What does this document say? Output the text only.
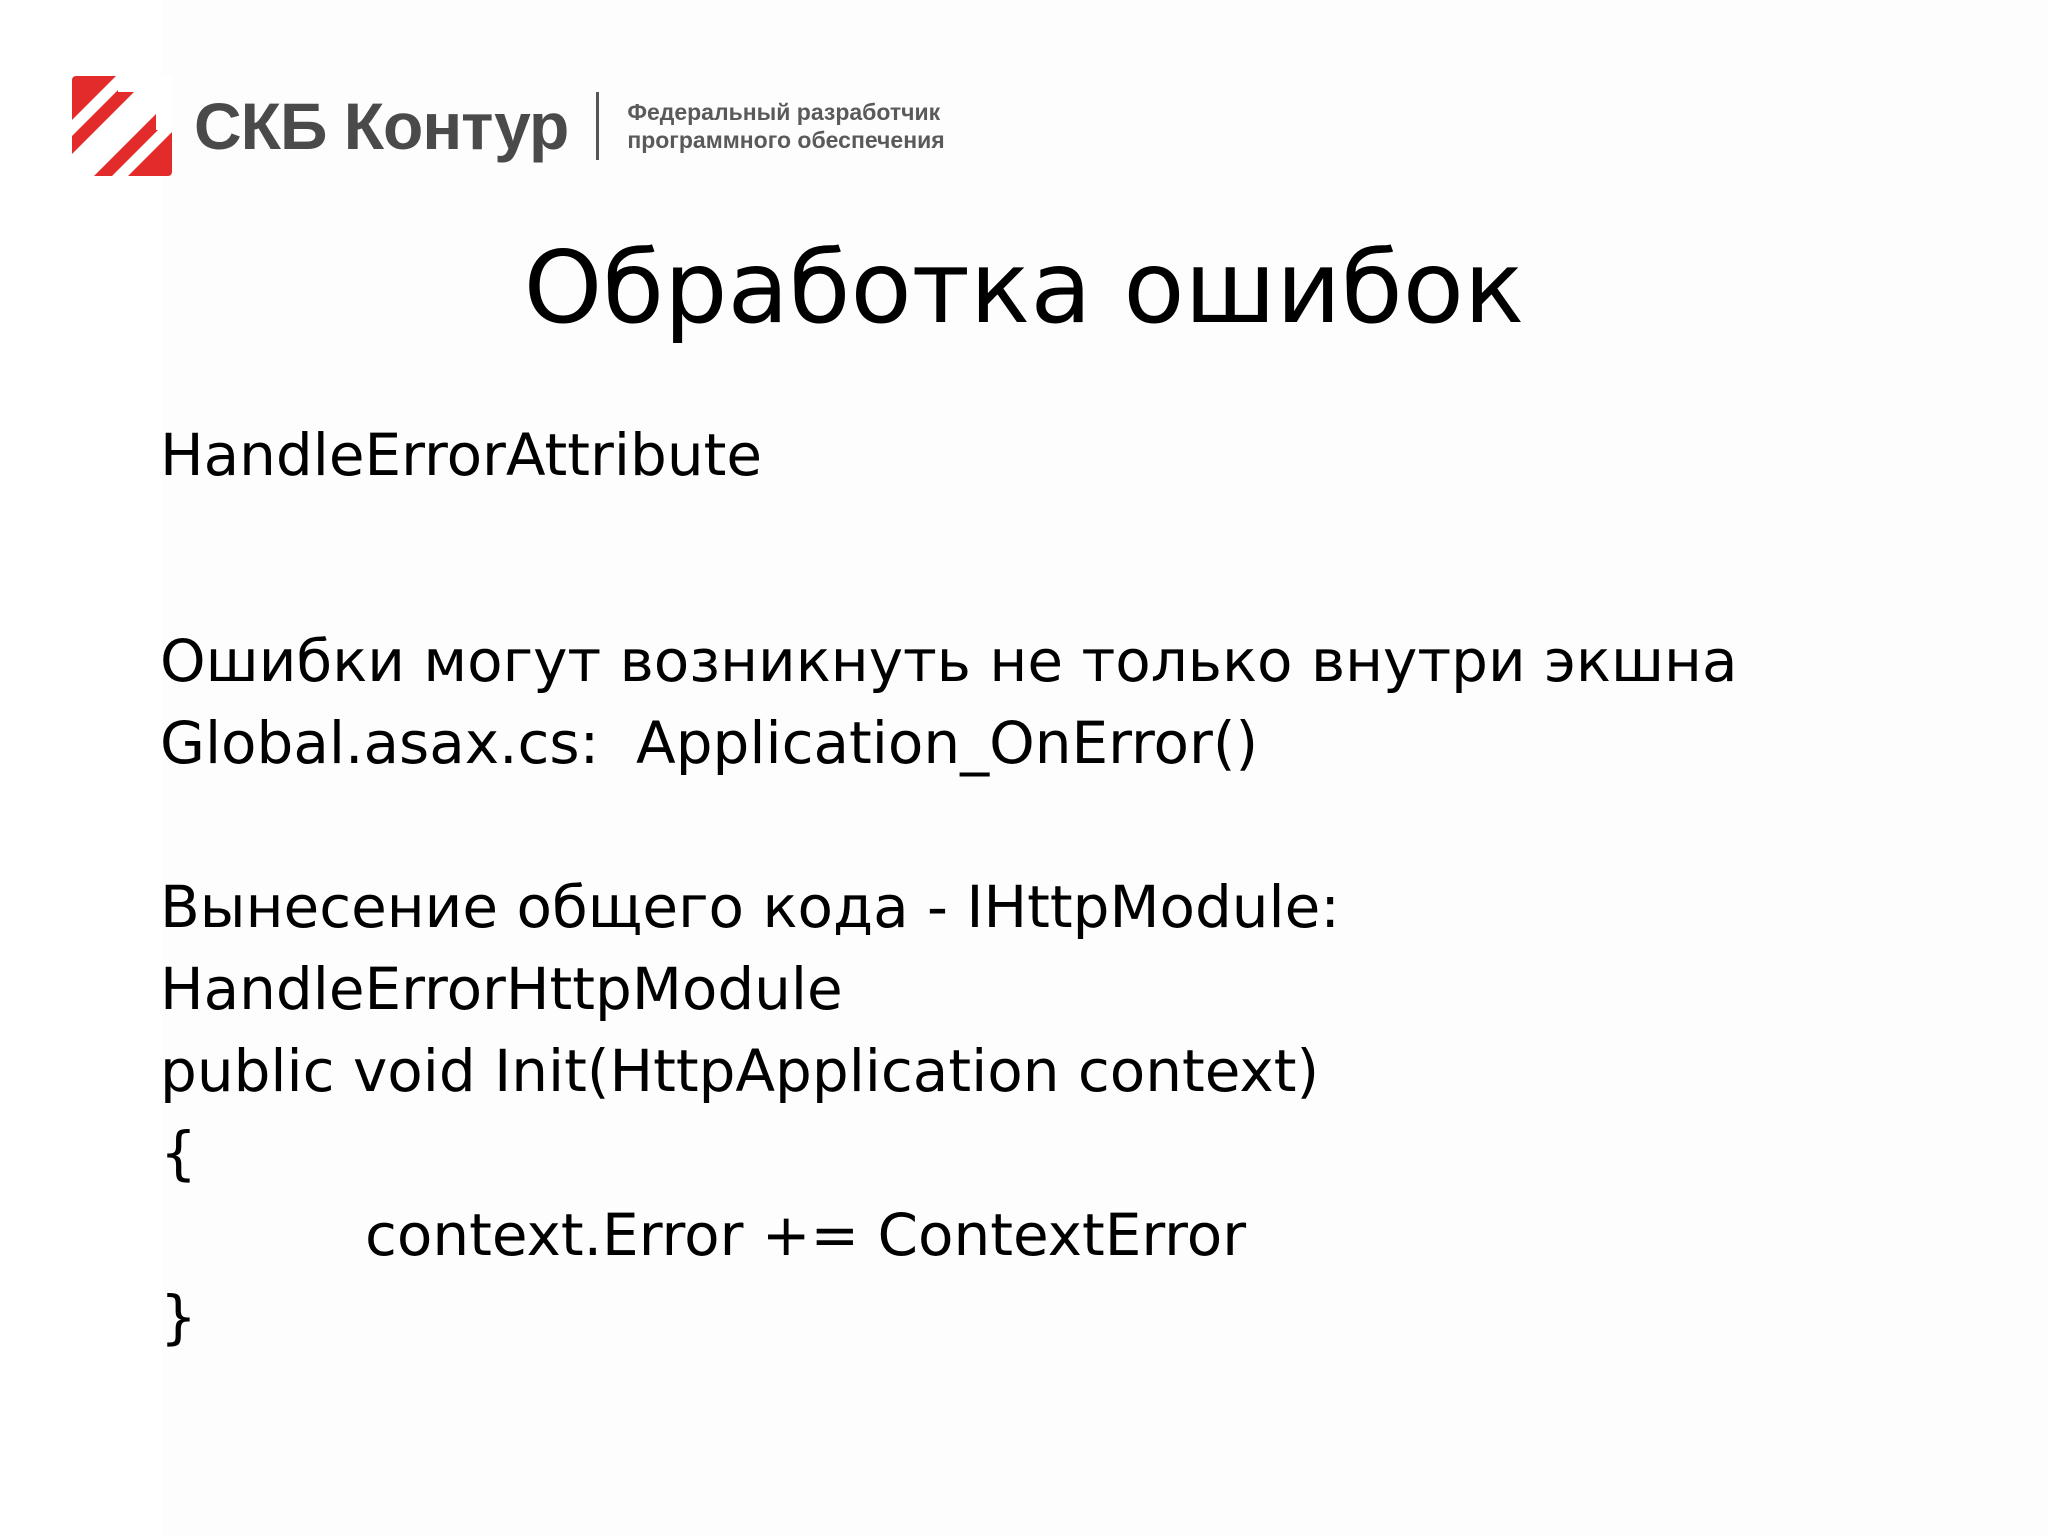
СКБ Контур	Федеральный разработчик
программного обеспечения
Обработка ошибок
HandleErrorAttribute
Ошибки могут возникнуть не только внутри экшна
Global.asax.cs:  Application_OnError()
Вынесение общего кода - IHttpModule:
HandleErrorHttpModule
public void Init(HttpApplication context)
{
context.Error += ContextError
}
